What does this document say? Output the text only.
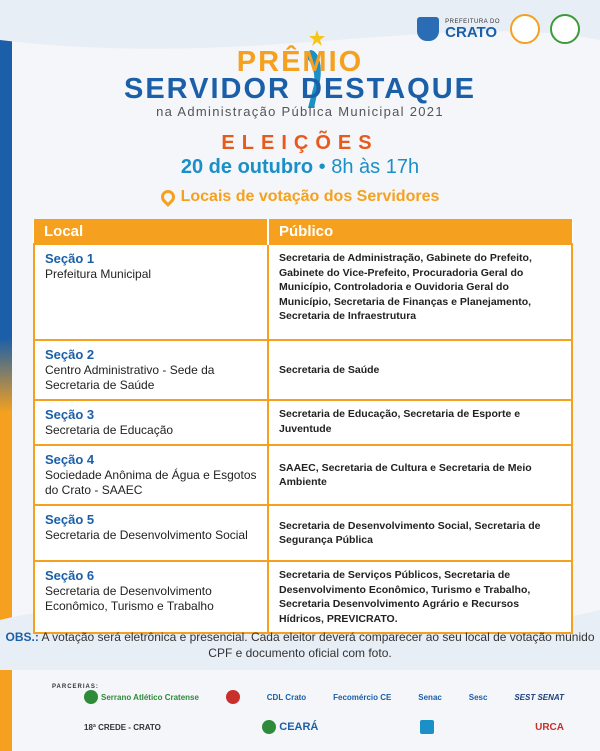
PREFEITURA DO
CRATO
PRÊMIO
SERVIDOR DESTAQUE
na Administração Pública Municipal 2021
ELEIÇÕES
20 de outubro • 8h às 17h
Locais de votação dos Servidores
Local	Público

Seção 1
Prefeitura Municipal	Secretaria de Administração, Gabinete do Prefeito, Gabinete do Vice-Prefeito, Procuradoria Geral do Município, Controladoria e Ouvidoria Geral do Município, Secretaria de Finanças e Planejamento, Secretaria de Infraestrutura

Seção 2
Centro Administrativo - Sede da Secretaria de Saúde	Secretaria de Saúde

Seção 3
Secretaria de Educação	Secretaria de Educação, Secretaria de Esporte e Juventude

Seção 4
Sociedade Anônima de Água e Esgotos do Crato - SAAEC	SAAEC, Secretaria de Cultura e Secretaria de Meio Ambiente

Seção 5
Secretaria de Desenvolvimento Social	Secretaria de Desenvolvimento Social, Secretaria de Segurança Pública

Seção 6
Secretaria de Desenvolvimento Econômico, Turismo e Trabalho	Secretaria de Serviços Públicos, Secretaria de Desenvolvimento Econômico, Turismo e Trabalho, Secretaria Desenvolvimento Agrário e Recursos Hídricos, PREVICRATO.
OBS.: A votação será eletrônica e presencial. Cada eleitor deverá comparecer ao seu local de votação munido CPF e documento oficial com foto.
PARCERIAS:
Serrano Atlético Cratense	CDL Crato	Fecomércio CE	Senac	Sesc	SEST SENAT
18ª CREDE - CRATO	CEARÁ	URCA
